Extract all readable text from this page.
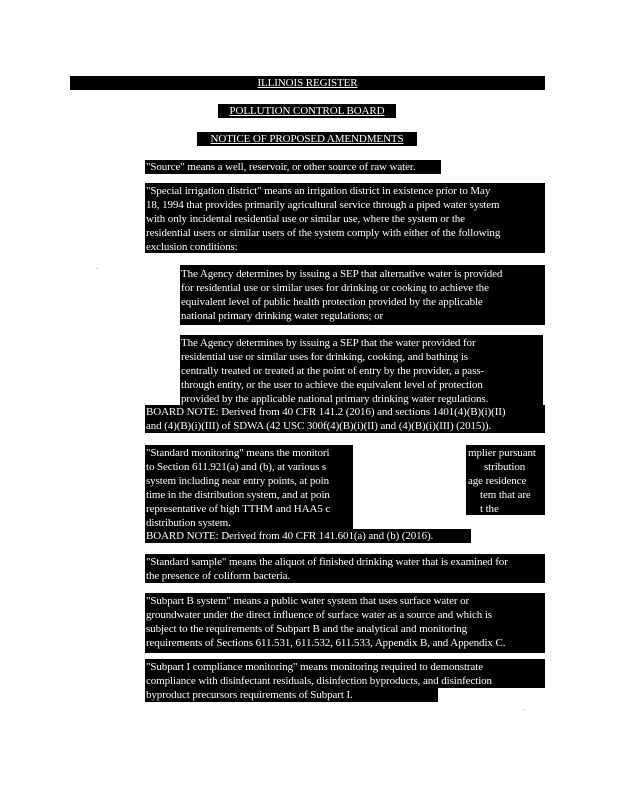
ILLINOIS REGISTER
POLLUTION CONTROL BOARD
NOTICE OF PROPOSED AMENDMENTS
"Source" means a well, reservoir, or other source of raw water.
"Special irrigation district" means an irrigation district in existence prior to May
18, 1994 that provides primarily agricultural service through a piped water system
with only incidental residential use or similar use, where the system or the
residential users or similar users of the system comply with either of the following
exclusion conditions:
The Agency determines by issuing a SEP that alternative water is provided
for residential use or similar uses for drinking or cooking to achieve the
equivalent level of public health protection provided by the applicable
national primary drinking water regulations; or
The Agency determines by issuing a SEP that the water provided for
residential use or similar uses for drinking, cooking, and bathing is
centrally treated or treated at the point of entry by the provider, a pass-
through entity, or the user to achieve the equivalent level of protection
provided by the applicable national primary drinking water regulations.
BOARD NOTE: Derived from 40 CFR 141.2 (2016) and sections 1401(4)(B)(i)(II)
and (4)(B)(i)(III) of SDWA (42 USC 300f(4)(B)(i)(II) and (4)(B)(i)(III) (2015)).
"Standard monitoring" means the monitori
to Section 611.921(a) and (b), at various s
system including near entry points, at poin
time in the distribution system, and at poin
representative of high TTHM and HAA5 c
distribution system.
mplier pursuant
stribution
age residence
tem that are
t the
BOARD NOTE: Derived from 40 CFR 141.601(a) and (b) (2016).
"Standard sample" means the aliquot of finished drinking water that is examined for
the presence of coliform bacteria.
"Subpart B system" means a public water system that uses surface water or
groundwater under the direct influence of surface water as a source and which is
subject to the requirements of Subpart B and the analytical and monitoring
requirements of Sections 611.531, 611.532, 611.533, Appendix B, and Appendix C.
"Subpart I compliance monitoring" means monitoring required to demonstrate
compliance with disinfectant residuals, disinfection byproducts, and disinfection
byproduct precursors requirements of Subpart I.
